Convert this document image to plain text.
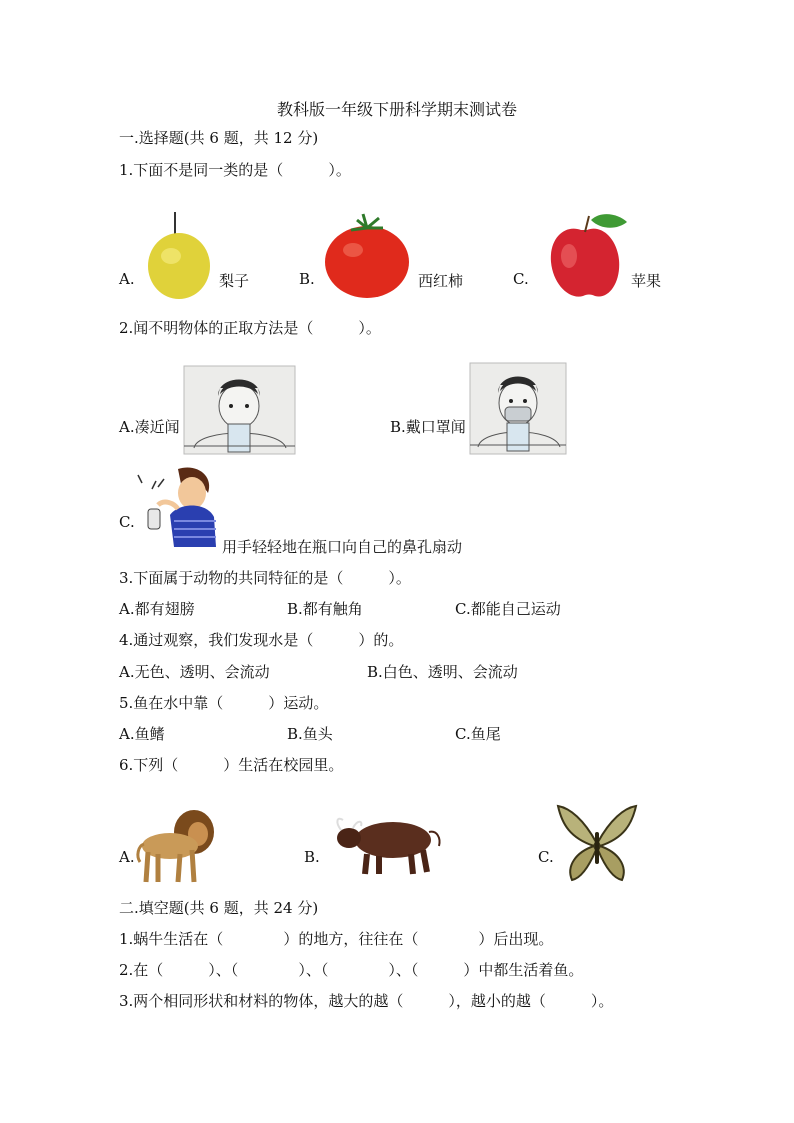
教科版一年级下册科学期末测试卷
一.选择题(共 6 题，共 12 分)
1.下面不是同一类的是（　　　）。
A.	梨子	B.	西红柿	C.	苹果
2.闻不明物体的正取方法是（　　　）。
A.凑近闻	B.戴口罩闻
C.
用手轻轻地在瓶口向自己的鼻孔扇动
3.下面属于动物的共同特征的是（　　　）。
A.都有翅膀	B.都有触角	C.都能自己运动
4.通过观察，我们发现水是（　　　）的。
A.无色、透明、会流动	B.白色、透明、会流动
5.鱼在水中靠（　　　）运动。
A.鱼鳍	B.鱼头	C.鱼尾
6.下列（　　　）生活在校园里。
A.	B.	C.
二.填空题(共 6 题，共 24 分)
1.蜗牛生活在（　　　　）的地方，往往在（　　　　）后出现。
2.在（　　　）、（　　　　）、（　　　　）、（　　　）中都生活着鱼。
3.两个相同形状和材料的物体，越大的越（　　　），越小的越（　　　）。
